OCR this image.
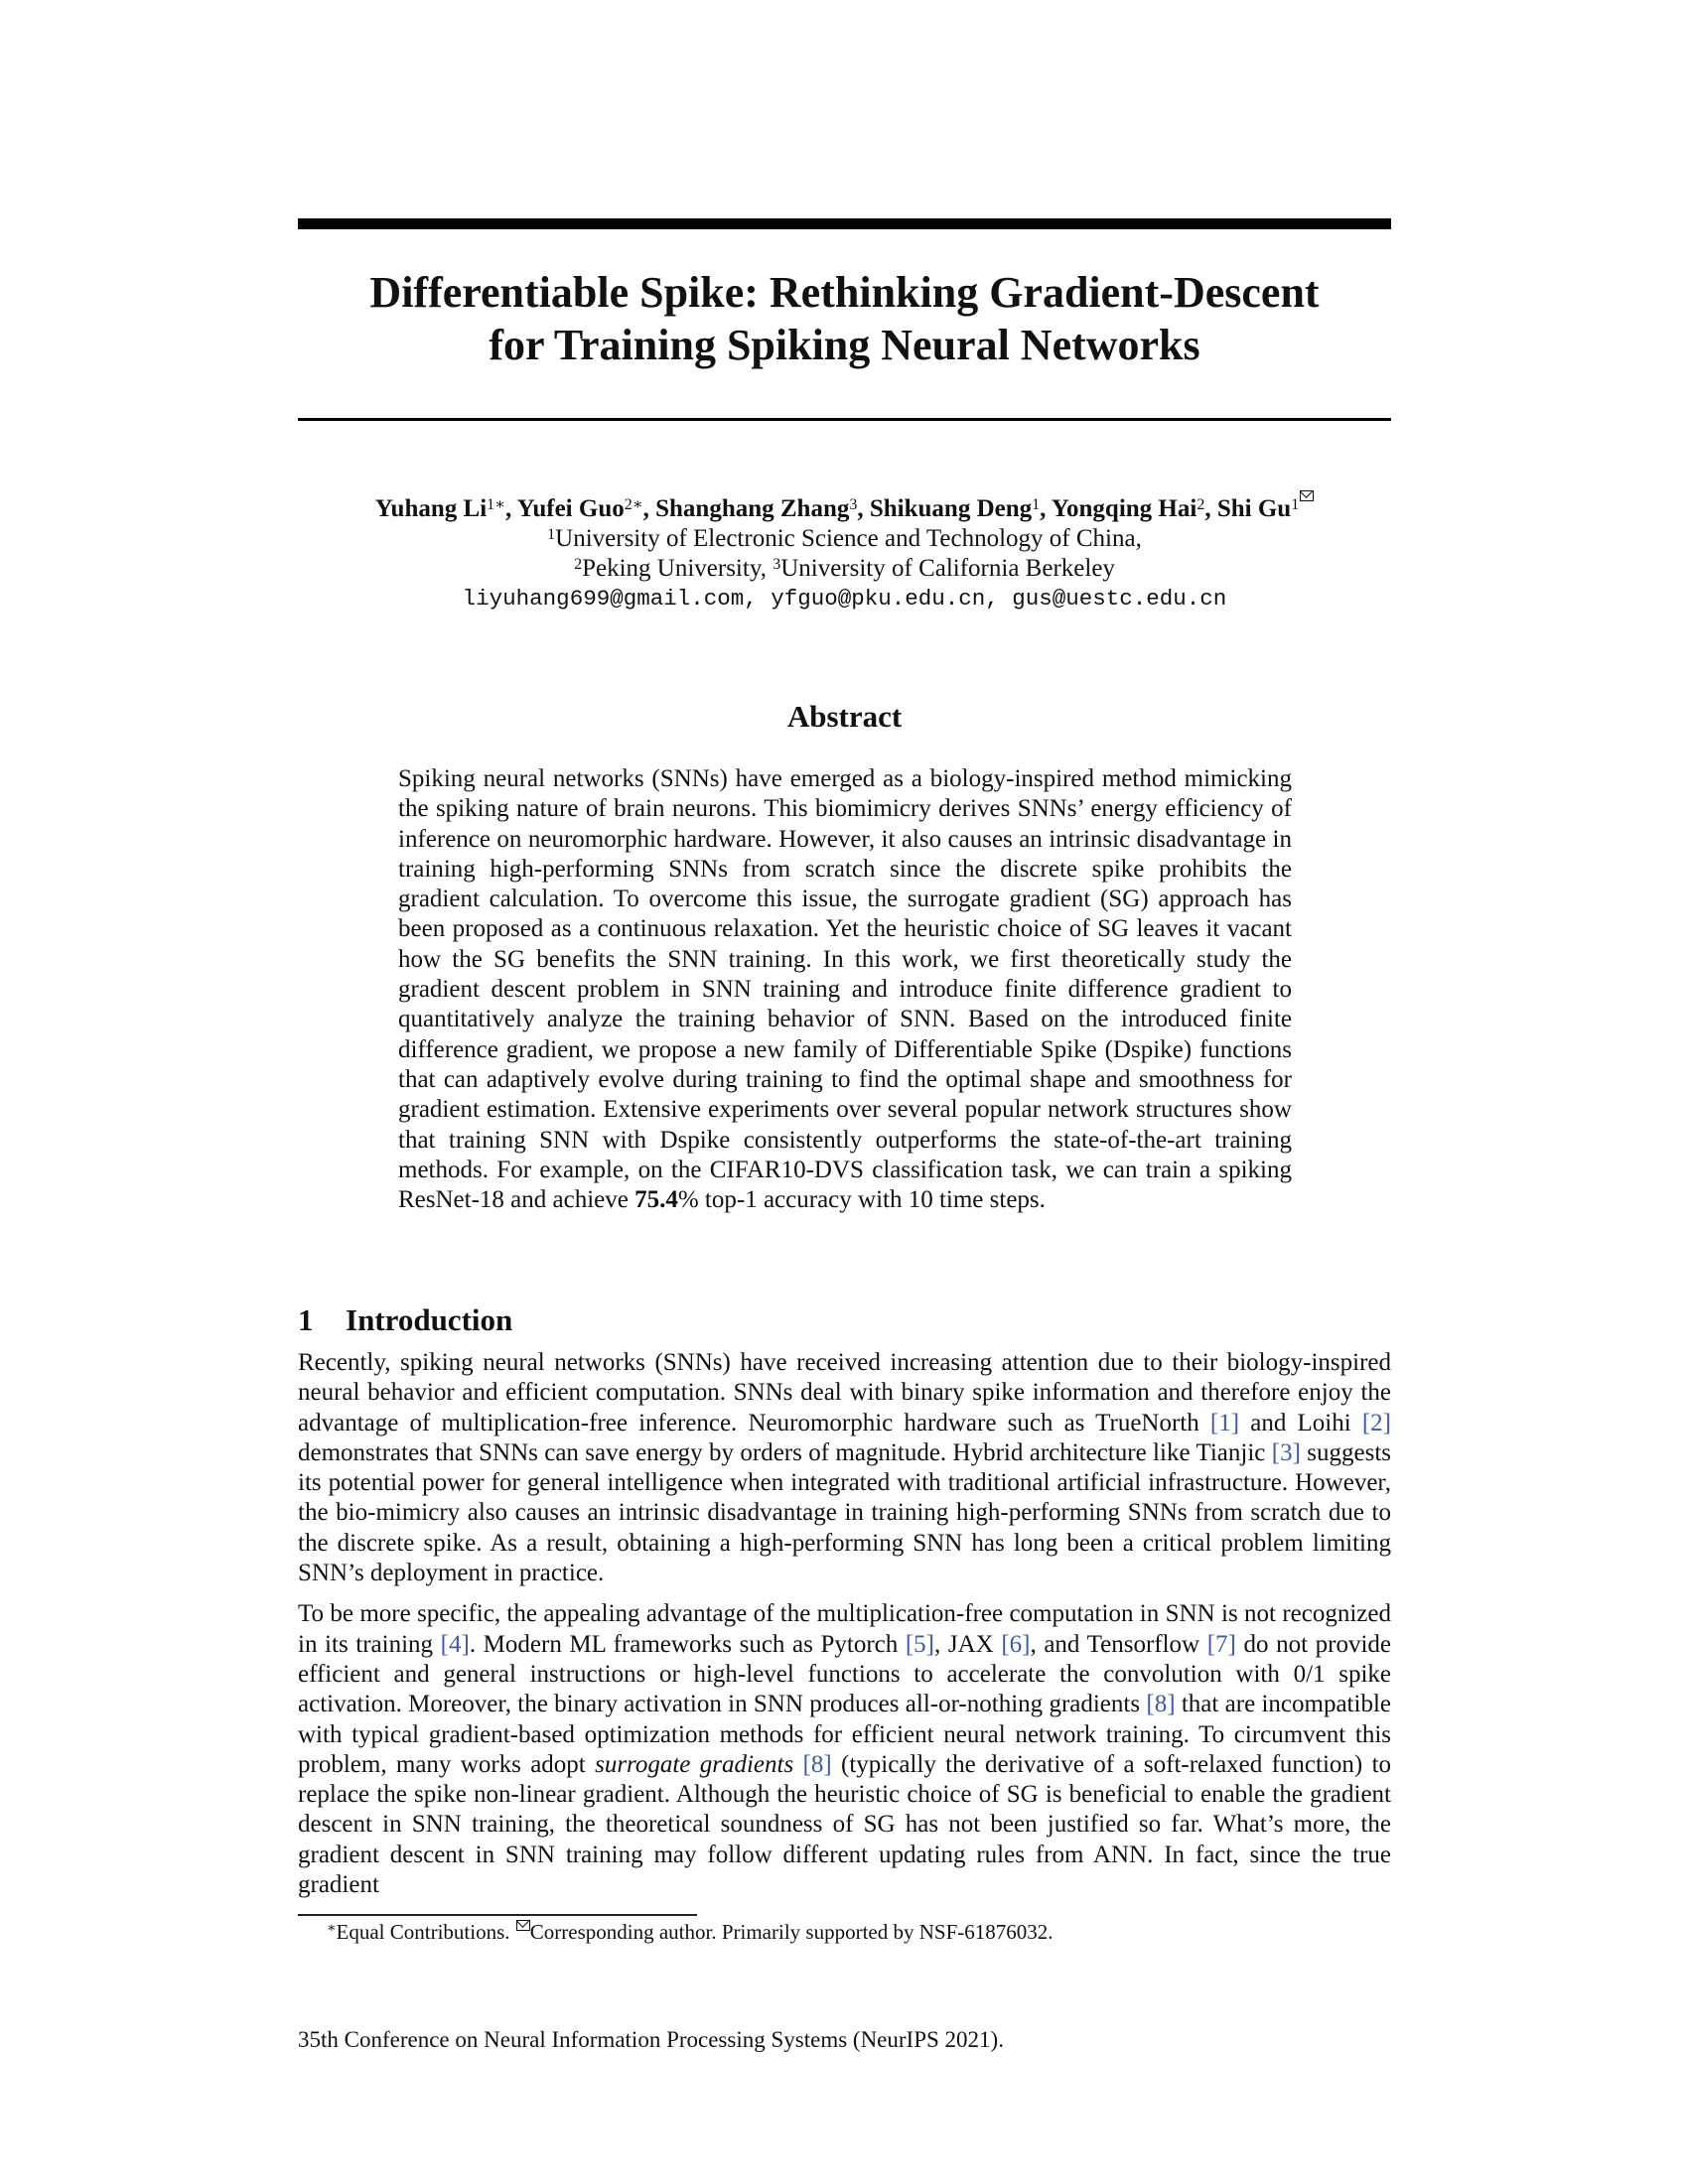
Differentiable Spike: Rethinking Gradient-Descent
for Training Spiking Neural Networks
Yuhang $Li^{1∗}$, Yufei Guo$^{2∗}$, Shanghang Zhang$^3$, Shikuang Deng$^1$, Yongqing Hai$^2$, Shi Gu$^1$
$^1$University of Electronic Science and Technology of China,
$^2$Peking University, $^3$University of California Berkeley
liyuhang699@gmail.com, yfguo@pku.edu.cn, gus@uestc.edu.cn
Abstract
Spiking neural networks (SNNs) have emerged as a biology-inspired method mimicking the spiking nature of brain neurons. This biomimicry derives SNNs’ energy efficiency of inference on neuromorphic hardware. However, it also causes an intrinsic disadvantage in training high-performing SNNs from scratch since the discrete spike prohibits the gradient calculation. To overcome this issue, the surrogate gradient (SG) approach has been proposed as a continuous relaxation. Yet the heuristic choice of SG leaves it vacant how the SG benefits the SNN training. In this work, we first theoretically study the gradient descent problem in SNN training and introduce finite difference gradient to quantitatively analyze the training behavior of SNN. Based on the introduced finite difference gradient, we propose a new family of Differentiable Spike (Dspike) functions that can adaptively evolve during training to find the optimal shape and smoothness for gradient estimation. Extensive experiments over several popular network structures show that training SNN with Dspike consistently outperforms the state-of-the-art training methods. For example, on the CIFAR10-DVS classification task, we can train a spiking ResNet-18 and achieve 75.4% top-1 accuracy with 10 time steps.
1 Introduction

Recently, spiking neural networks (SNNs) have received increasing attention due to their biology-inspired neural behavior and efficient computation. SNNs deal with binary spike information and therefore enjoy the advantage of multiplication-free inference. Neuromorphic hardware such as TrueNorth [1] and Loihi [2] demonstrates that SNNs can save energy by orders of magnitude. Hybrid architecture like Tianjic [3] suggests its potential power for general intelligence when integrated with traditional artificial infrastructure. However, the bio-mimicry also causes an intrinsic disadvantage in training high-performing SNNs from scratch due to the discrete spike. As a result, obtaining a high-performing SNN has long been a critical problem limiting SNN’s deployment in practice.

To be more specific, the appealing advantage of the multiplication-free computation in SNN is not recognized in its training [4]. Modern ML frameworks such as Pytorch [5], JAX [6], and Tensorflow [7] do not provide efficient and general instructions or high-level functions to accelerate the convolution with 0/1 spike activation. Moreover, the binary activation in SNN produces all-or-nothing gradients [8] that are incompatible with typical gradient-based optimization methods for efficient neural network training. To circumvent this problem, many works adopt surrogate gradients [8] (typically the derivative of a soft-relaxed function) to replace the spike non-linear gradient. Although the heuristic choice of SG is beneficial to enable the gradient descent in SNN training, the theoretical soundness of SG has not been justified so far. What’s more, the gradient descent in SNN training may follow different updating rules from ANN. In fact, since the true gradient

∗Equal Contributions. Corresponding author. Primarily supported by NSF-61876032.
35th Conference on Neural Information Processing Systems (NeurIPS 2021).
